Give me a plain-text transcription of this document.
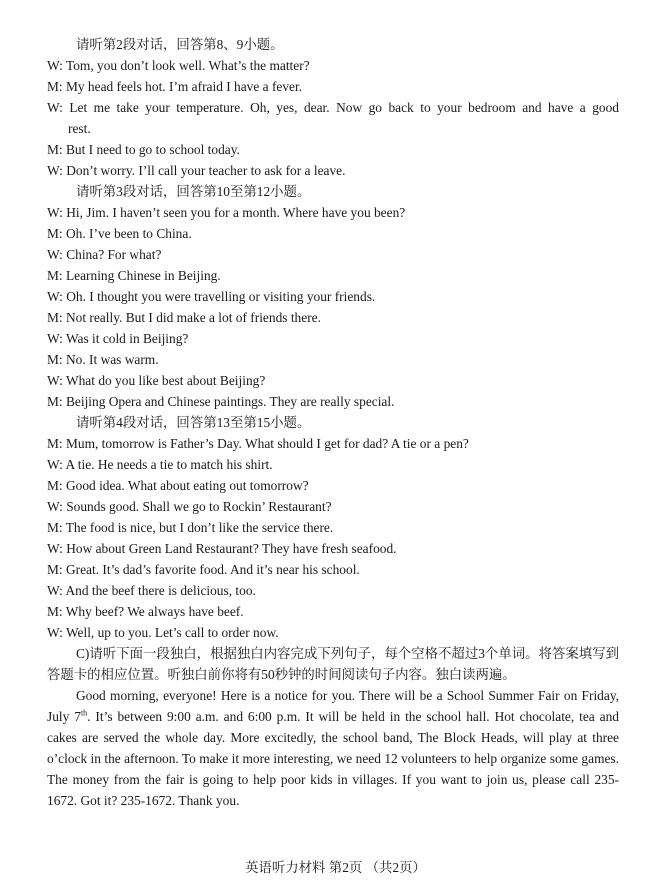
请听第2段对话，回答第8、9小题。
W: Tom, you don’t look well. What’s the matter?
M: My head feels hot. I’m afraid I have a fever.
W: Let me take your temperature. Oh, yes, dear. Now go back to your bedroom and have a good
rest.
M: But I need to go to school today.
W: Don’t worry. I’ll call your teacher to ask for a leave.
请听第3段对话，回答第10至第12小题。
W: Hi, Jim. I haven’t seen you for a month. Where have you been?
M: Oh. I’ve been to China.
W: China? For what?
M: Learning Chinese in Beijing.
W: Oh. I thought you were travelling or visiting your friends.
M: Not really. But I did make a lot of friends there.
W: Was it cold in Beijing?
M: No. It was warm.
W: What do you like best about Beijing?
M: Beijing Opera and Chinese paintings. They are really special.
请听第4段对话，回答第13至第15小题。
M: Mum, tomorrow is Father’s Day. What should I get for dad? A tie or a pen?
W: A tie. He needs a tie to match his shirt.
M: Good idea. What about eating out tomorrow?
W: Sounds good. Shall we go to Rockin’ Restaurant?
M: The food is nice, but I don’t like the service there.
W: How about Green Land Restaurant? They have fresh seafood.
M: Great. It’s dad’s favorite food. And it’s near his school.
W: And the beef there is delicious, too.
M: Why beef? We always have beef.
W: Well, up to you. Let’s call to order now.
C)请听下面一段独白，根据独白内容完成下列句子，每个空格不超过3个单词。将答案填写到答题卡的相应位置。听独白前你将有50秒钟的时间阅读句子内容。独白读两遍。
Good morning, everyone! Here is a notice for you. There will be a School Summer Fair on Friday, July 7th. It’s between 9:00 a.m. and 6:00 p.m. It will be held in the school hall. Hot chocolate, tea and cakes are served the whole day. More excitedly, the school band, The Block Heads, will play at three o’clock in the afternoon. To make it more interesting, we need 12 volunteers to help organize some games. The money from the fair is going to help poor kids in villages. If you want to join us, please call 235-1672. Got it? 235-1672. Thank you.
英语听力材料 第2页 （共2页）
